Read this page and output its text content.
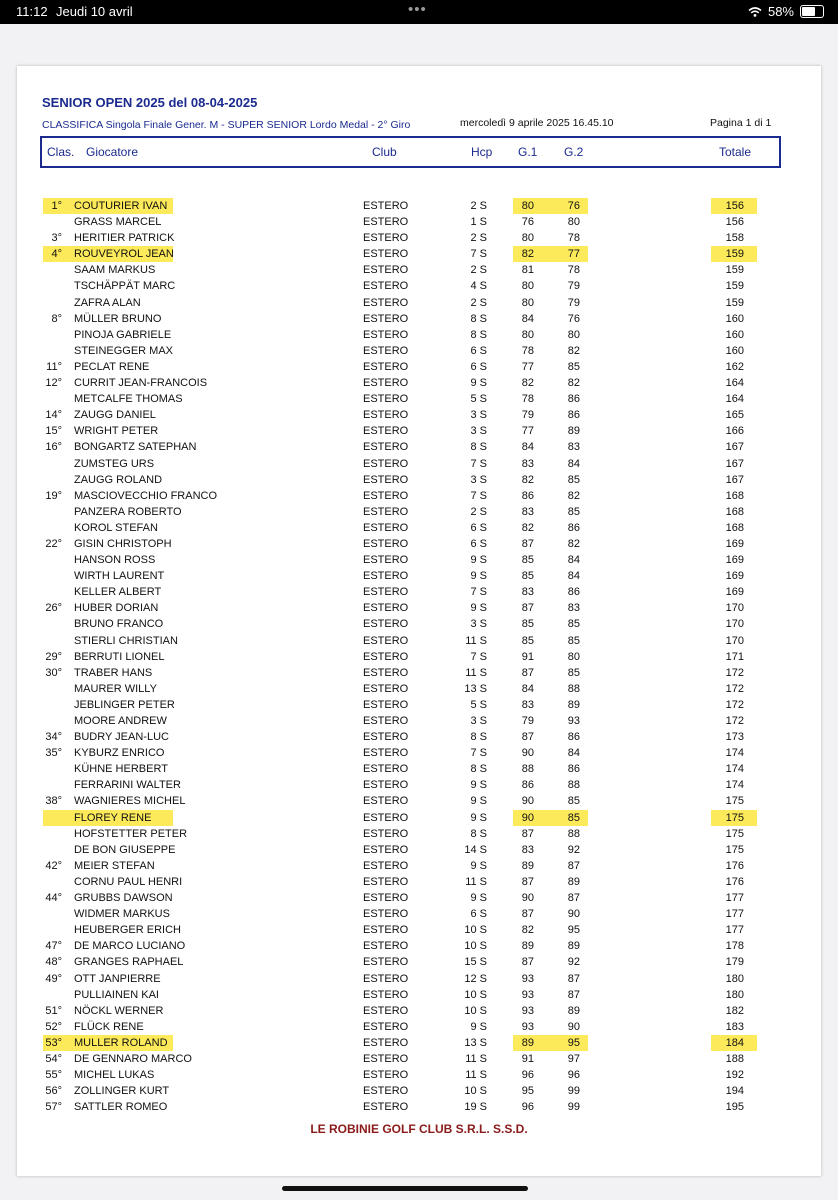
11:12 Jeudi 10 avril	•••	58%
SENIOR OPEN 2025 del 08-04-2025
CLASSIFICA Singola Finale Gener. M - SUPER SENIOR Lordo Medal - 2° Giro	mercoledì 9 aprile 2025 16.45.10	Pagina 1 di 1
Clas. Giocatore	Club	Hcp G.1 G.2	Totale
1° COUTURIER IVAN	ESTERO	2 S	80	76	156
GRASS MARCEL	ESTERO	1 S	76	80	156
3° HERITIER PATRICK	ESTERO	2 S	80	78	158
4° ROUVEYROL JEAN	ESTERO	7 S	82	77	159
SAAM MARKUS	ESTERO	2 S	81	78	159
TSCHÄPPÄT MARC	ESTERO	4 S	80	79	159
ZAFRA ALAN	ESTERO	2 S	80	79	159
8° MÜLLER BRUNO	ESTERO	8 S	84	76	160
PINOJA GABRIELE	ESTERO	8 S	80	80	160
STEINEGGER MAX	ESTERO	6 S	78	82	160
11° PECLAT RENE	ESTERO	6 S	77	85	162
12° CURRIT JEAN-FRANCOIS	ESTERO	9 S	82	82	164
METCALFE THOMAS	ESTERO	5 S	78	86	164
14° ZAUGG DANIEL	ESTERO	3 S	79	86	165
15° WRIGHT PETER	ESTERO	3 S	77	89	166
16° BONGARTZ SATEPHAN	ESTERO	8 S	84	83	167
ZUMSTEG URS	ESTERO	7 S	83	84	167
ZAUGG ROLAND	ESTERO	3 S	82	85	167
19° MASCIOVECCHIO FRANCO	ESTERO	7 S	86	82	168
PANZERA ROBERTO	ESTERO	2 S	83	85	168
KOROL STEFAN	ESTERO	6 S	82	86	168
22° GISIN CHRISTOPH	ESTERO	6 S	87	82	169
HANSON ROSS	ESTERO	9 S	85	84	169
WIRTH LAURENT	ESTERO	9 S	85	84	169
KELLER ALBERT	ESTERO	7 S	83	86	169
26° HUBER DORIAN	ESTERO	9 S	87	83	170
BRUNO FRANCO	ESTERO	3 S	85	85	170
STIERLI CHRISTIAN	ESTERO	11 S	85	85	170
29° BERRUTI LIONEL	ESTERO	7 S	91	80	171
30° TRABER HANS	ESTERO	11 S	87	85	172
MAURER WILLY	ESTERO	13 S	84	88	172
JEBLINGER PETER	ESTERO	5 S	83	89	172
MOORE ANDREW	ESTERO	3 S	79	93	172
34° BUDRY JEAN-LUC	ESTERO	8 S	87	86	173
35° KYBURZ ENRICO	ESTERO	7 S	90	84	174
KÜHNE HERBERT	ESTERO	8 S	88	86	174
FERRARINI WALTER	ESTERO	9 S	86	88	174
38° WAGNIERES MICHEL	ESTERO	9 S	90	85	175
FLOREY RENE	ESTERO	9 S	90	85	175
HOFSTETTER PETER	ESTERO	8 S	87	88	175
DE BON GIUSEPPE	ESTERO	14 S	83	92	175
42° MEIER STEFAN	ESTERO	9 S	89	87	176
CORNU PAUL HENRI	ESTERO	11 S	87	89	176
44° GRUBBS DAWSON	ESTERO	9 S	90	87	177
WIDMER MARKUS	ESTERO	6 S	87	90	177
HEUBERGER ERICH	ESTERO	10 S	82	95	177
47° DE MARCO LUCIANO	ESTERO	10 S	89	89	178
48° GRANGES RAPHAEL	ESTERO	15 S	87	92	179
49° OTT JANPIERRE	ESTERO	12 S	93	87	180
PULLIAINEN KAI	ESTERO	10 S	93	87	180
51° NÖCKL WERNER	ESTERO	10 S	93	89	182
52° FLÜCK RENE	ESTERO	9 S	93	90	183
53° MULLER ROLAND	ESTERO	13 S	89	95	184
54° DE GENNARO MARCO	ESTERO	11 S	91	97	188
55° MICHEL LUKAS	ESTERO	11 S	96	96	192
56° ZOLLINGER KURT	ESTERO	10 S	95	99	194
57° SATTLER ROMEO	ESTERO	19 S	96	99	195
LE ROBINIE GOLF CLUB S.R.L. S.S.D.
